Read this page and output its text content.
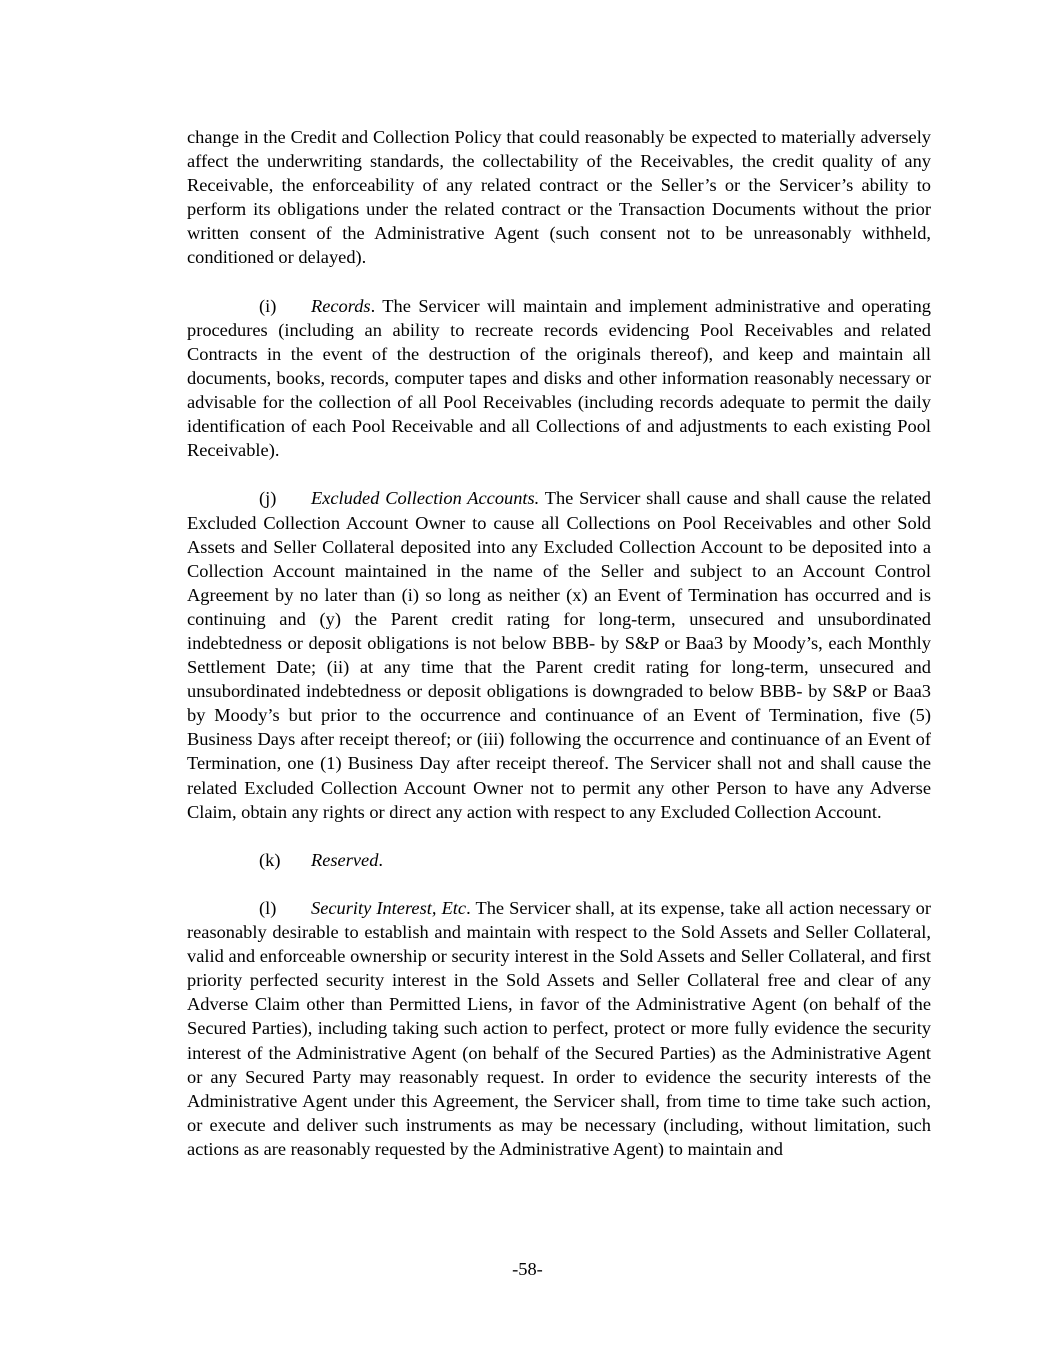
change in the Credit and Collection Policy that could reasonably be expected to materially adversely affect the underwriting standards, the collectability of the Receivables, the credit quality of any Receivable, the enforceability of any related contract or the Seller’s or the Servicer’s ability to perform its obligations under the related contract or the Transaction Documents without the prior written consent of the Administrative Agent (such consent not to be unreasonably withheld, conditioned or delayed).

(i) Records. The Servicer will maintain and implement administrative and operating procedures (including an ability to recreate records evidencing Pool Receivables and related Contracts in the event of the destruction of the originals thereof), and keep and maintain all documents, books, records, computer tapes and disks and other information reasonably necessary or advisable for the collection of all Pool Receivables (including records adequate to permit the daily identification of each Pool Receivable and all Collections of and adjustments to each existing Pool Receivable).

(j) Excluded Collection Accounts. The Servicer shall cause and shall cause the related Excluded Collection Account Owner to cause all Collections on Pool Receivables and other Sold Assets and Seller Collateral deposited into any Excluded Collection Account to be deposited into a Collection Account maintained in the name of the Seller and subject to an Account Control Agreement by no later than (i) so long as neither (x) an Event of Termination has occurred and is continuing and (y) the Parent credit rating for long-term, unsecured and unsubordinated indebtedness or deposit obligations is not below BBB- by S&P or Baa3 by Moody’s, each Monthly Settlement Date; (ii) at any time that the Parent credit rating for long-term, unsecured and unsubordinated indebtedness or deposit obligations is downgraded to below BBB- by S&P or Baa3 by Moody’s but prior to the occurrence and continuance of an Event of Termination, five (5) Business Days after receipt thereof; or (iii) following the occurrence and continuance of an Event of Termination, one (1) Business Day after receipt thereof. The Servicer shall not and shall cause the related Excluded Collection Account Owner not to permit any other Person to have any Adverse Claim, obtain any rights or direct any action with respect to any Excluded Collection Account.

(k) Reserved.

(l) Security Interest, Etc. The Servicer shall, at its expense, take all action necessary or reasonably desirable to establish and maintain with respect to the Sold Assets and Seller Collateral, valid and enforceable ownership or security interest in the Sold Assets and Seller Collateral, and first priority perfected security interest in the Sold Assets and Seller Collateral free and clear of any Adverse Claim other than Permitted Liens, in favor of the Administrative Agent (on behalf of the Secured Parties), including taking such action to perfect, protect or more fully evidence the security interest of the Administrative Agent (on behalf of the Secured Parties) as the Administrative Agent or any Secured Party may reasonably request. In order to evidence the security interests of the Administrative Agent under this Agreement, the Servicer shall, from time to time take such action, or execute and deliver such instruments as may be necessary (including, without limitation, such actions as are reasonably requested by the Administrative Agent) to maintain and

-58-
